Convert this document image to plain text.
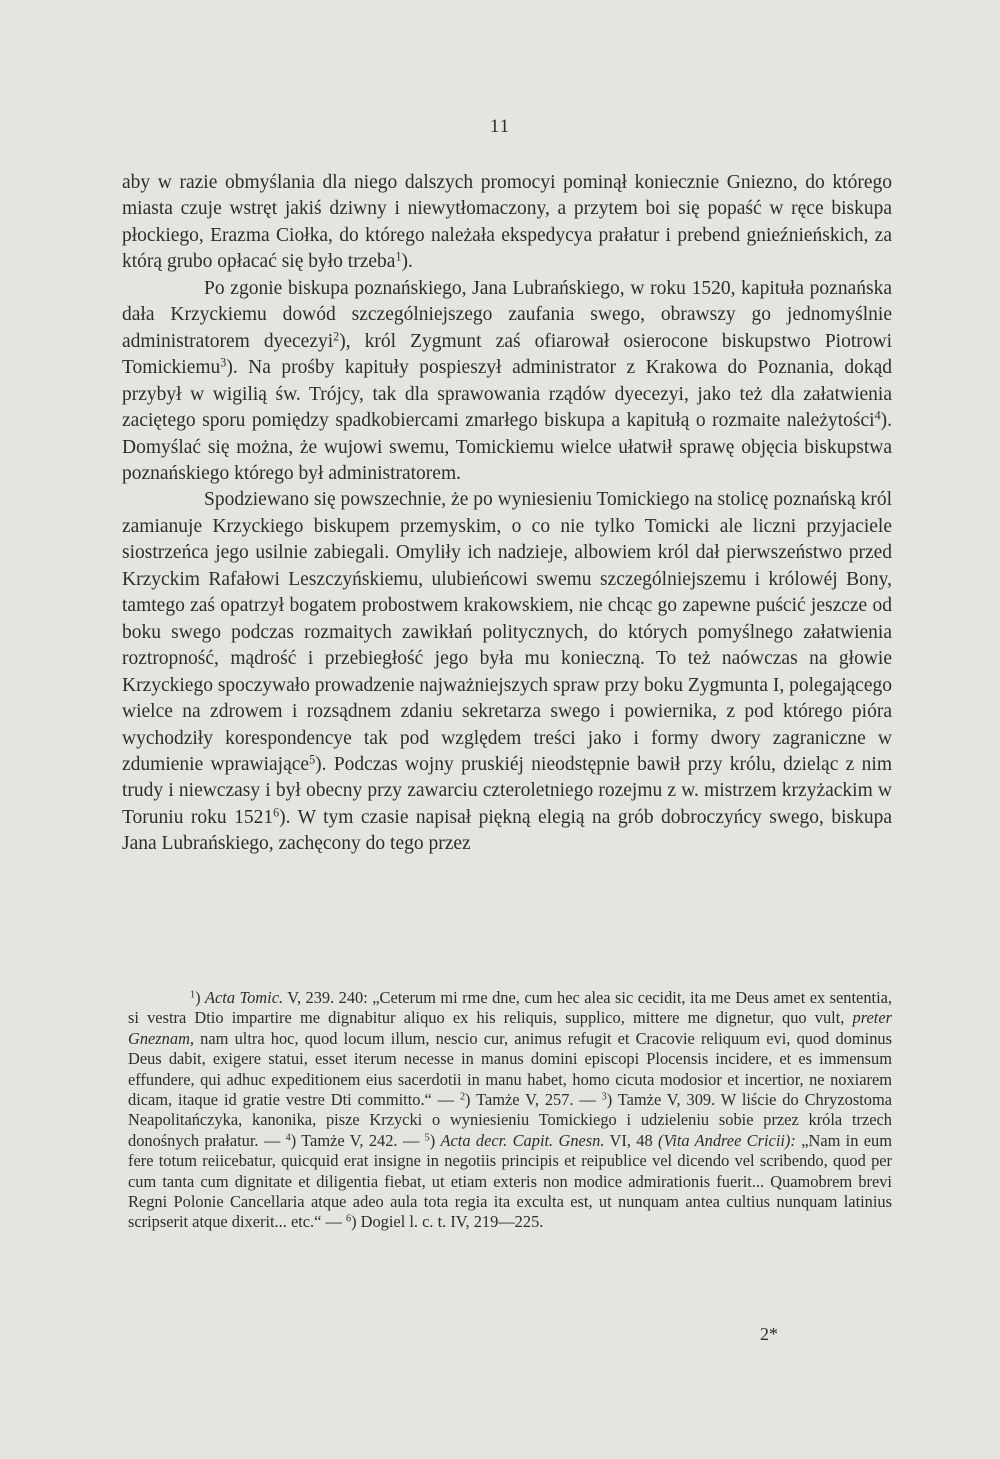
11

aby w razie obmyślania dla niego dalszych promocyi pominął koniecznie Gniezno, do którego miasta czuje wstręt jakiś dziwny i niewytłomaczony, a przytem boi się popaść w ręce biskupa płockiego, Erazma Ciołka, do którego należała ekspedycya prałatur i prebend gnieźnieńskich, za którą grubo opłacać się było trzeba$^1$).

Po zgonie biskupa poznańskiego, Jana Lubrańskiego, w roku 1520, kapituła poznańska dała Krzyckiemu dowód szczególniejszego zaufania swego, obrawszy go jednomyślnie administratorem dyecezyi$^2$), król Zygmunt zaś ofiarował osierocone biskupstwo Piotrowi Tomickiemu$^3$). Na prośby kapituły pospieszył administrator z Krakowa do Poznania, dokąd przybył w wigilią św. Trójcy, tak dla sprawowania rządów dyecezyi, jako też dla załatwienia zaciętego sporu pomiędzy spadkobiercami zmarłego biskupa a kapitułą o rozmaite należytości$^4$). Domyślać się można, że wujowi swemu, Tomickiemu wielce ułatwił sprawę objęcia biskupstwa poznańskiego którego był administratorem.

Spodziewano się powszechnie, że po wyniesieniu Tomickiego na stolicę poznańską król zamianuje Krzyckiego biskupem przemyskim, o co nie tylko Tomicki ale liczni przyjaciele siostrzeńca jego usilnie zabiegali. Omyliły ich nadzieje, albowiem król dał pierwszeństwo przed Krzyckim Rafałowi Leszczyńskiemu, ulubieńcowi swemu szczególniejszemu i królowéj Bony, tamtego zaś opatrzył bogatem probostwem krakowskiem, nie chcąc go zapewne puścić jeszcze od boku swego podczas rozmaitych zawikłań politycznych, do których pomyślnego załatwienia roztropność, mądrość i przebiegłość jego była mu konieczną. To też naówczas na głowie Krzyckiego spoczywało prowadzenie najważniejszych spraw przy boku Zygmunta I, polegającego wielce na zdrowem i rozsądnem zdaniu sekretarza swego i powiernika, z pod którego pióra wychodziły korespondencye tak pod względem treści jako i formy dwory zagraniczne w zdumienie wprawiające$^5$). Podczas wojny pruskiéj nieodstępnie bawił przy królu, dzieląc z nim trudy i niewczasy i był obecny przy zawarciu czteroletniego rozejmu z w. mistrzem krzyżackim w Toruniu roku 1521$^6$). W tym czasie napisał piękną elegią na grób dobroczyńcy swego, biskupa Jana Lubrańskiego, zachęcony do tego przez

$^1$) Acta Tomic. V, 239. 240: „Ceterum mi rme dne, cum hec alea sic cecidit, ita me Deus amet ex sententia, si vestra Dtio impartire me dignabitur aliquo ex his reliquis, supplico, mittere me dignetur, quo vult, preter Gneznam, nam ultra hoc, quod locum illum, nescio cur, animus refugit et Cracovie reliquum evi, quod dominus Deus dabit, exigere statui, esset iterum necesse in manus domini episcopi Plocensis incidere, et es immensum effundere, qui adhuc expeditionem eius sacerdotii in manu habet, homo cicuta modosior et incertior, ne noxiarem dicam, itaque id gratie vestre Dti committo.“ — $^2$) Tamże V, 257. — $^3$) Tamże V, 309. W liście do Chryzostoma Neapolitańczyka, kanonika, pisze Krzycki o wyniesieniu Tomickiego i udzieleniu sobie przez króla trzech donośnych prałatur. — $^4$) Tamże V, 242. — $^5$) Acta decr. Capit. Gnesn. VI, 48 (Vita Andree Cricii): „Nam in eum fere totum reiicebatur, quicquid erat insigne in negotiis principis et reipublice vel dicendo vel scribendo, quod per cum tanta cum dignitate et diligentia fiebat, ut etiam exteris non modice admirationis fuerit... Quamobrem brevi Regni Polonie Cancellaria atque adeo aula tota regia ita exculta est, ut nunquam antea cultius nunquam latinius scripserit atque dixerit... etc.“ — $^6$) Dogiel l. c. t. IV, 219—225.

2*
